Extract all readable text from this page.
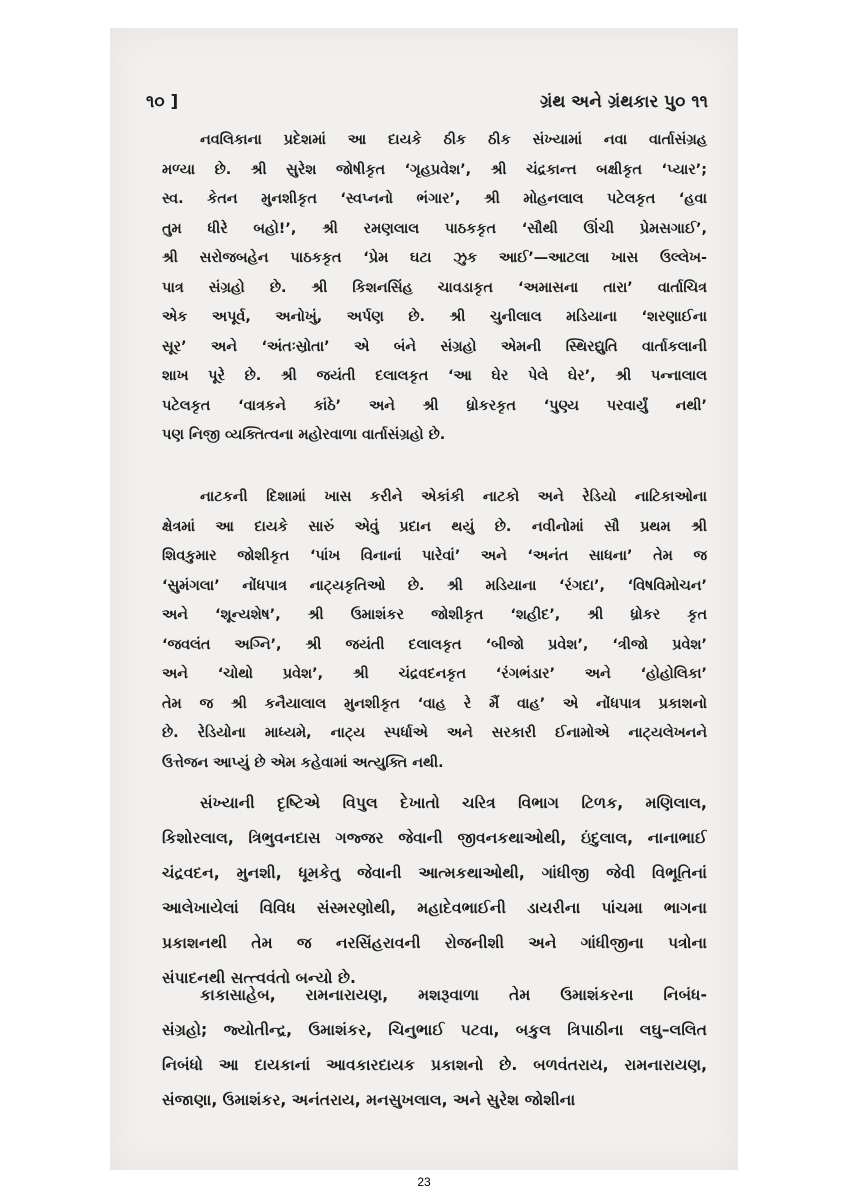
૧૦ ]	ગ્રંથ અને ગ્રંથકાર પુ૦ ૧૧

નવલિકાના પ્રદેશમાં આ દાયકે ઠીક ઠીક સંખ્યામાં નવા વાર્તાસંગ્રહ
મળ્યા છે. શ્રી સુરેશ જોષીકૃત ‘ગૃહપ્રવેશ’, શ્રી ચંદ્રકાન્ત બક્ષીકૃત ‘પ્યાર’;
સ્વ. કેતન મુનશીકૃત ‘સ્વપ્નનો ભંગાર’, શ્રી મોહનલાલ પટેલકૃત ‘હવા
તુમ ધીરે બહો!’, શ્રી રમણલાલ પાઠકકૃત ‘સૌથી ઊંચી પ્રેમસગાઈ’,
શ્રી સરોજબહેન પાઠકકૃત ‘પ્રેમ ઘટા ઝુક આઈ’—આટલા ખાસ ઉલ્લેખ-
પાત્ર સંગ્રહો છે. શ્રી કિશનસિંહ ચાવડાકૃત ‘અમાસના તારા’ વાર્તાચિત્ર
એક અપૂર્વ, અનોખું, અર્પણ છે. શ્રી ચુનીલાલ મડિયાના ‘શરણાઈના
સૂર’ અને ‘અંતઃસ્રોતા’ એ બંને સંગ્રહો એમની સ્થિરદ્યુતિ વાર્તાકલાની
શાખ પૂરે છે. શ્રી જયંતી દલાલકૃત ‘આ ઘેર પેલે ઘેર’, શ્રી પન્નાલાલ
પટેલકૃત ‘વાત્રકને કાંઠે’ અને શ્રી ધ્રોકરકૃત ‘પુણ્ય પરવાર્યું નથી’
પણ નિજી વ્યક્તિત્વના મહોરવાળા વાર્તાસંગ્રહો છે.

નાટકની દિશામાં ખાસ કરીને એકાંકી નાટકો અને રેડિયો નાટિકાઓના
ક્ષેત્રમાં આ દાયકે સારું એવું પ્રદાન થયું છે. નવીનોમાં સૌ પ્રથમ શ્રી
શિવકુમાર જોશીકૃત ‘પાંખ વિનાનાં પારેવાં’ અને ‘અનંત સાધના’ તેમ જ
‘સુમંગલા’ નોંધપાત્ર નાટ્યકૃતિઓ છે. શ્રી મડિયાના ‘રંગદા’, ‘વિષવિમોચન’
અને ‘શૂન્યશેષ’, શ્રી ઉમાશંકર જોશીકૃત ‘શહીદ’, શ્રી ધ્રોકર કૃત
‘જવલંત અગ્નિ’, શ્રી જયંતી દલાલકૃત ‘બીજો પ્રવેશ’, ‘ત્રીજો પ્રવેશ’
અને ‘ચોથો પ્રવેશ’, શ્રી ચંદ્રવદનકૃત ‘રંગભંડાર’ અને ‘હોહોલિકા’
તેમ જ શ્રી કનૈયાલાલ મુનશીકૃત ‘વાહ રે મૈં વાહ’ એ નોંધપાત્ર પ્રકાશનો
છે. રેડિયોના માધ્યમે, નાટ્ય સ્પર્ધાએ અને સરકારી ઈનામોએ નાટ્યલેખનને
ઉત્તેજન આપ્યું છે એમ કહેવામાં અત્યુક્તિ નથી.

સંખ્યાની દૃષ્ટિએ વિપુલ દેખાતો ચરિત્ર વિભાગ ટિળક, મણિલાલ,
કિશોરલાલ, ત્રિભુવનદાસ ગજ્જર જેવાની જીવનકથાઓથી, ઇંદુલાલ, નાનાભાઈ
ચંદ્રવદન, મુનશી, ધૂમકેતુ જેવાની આત્મકથાઓથી, ગાંધીજી જેવી વિભૂતિનાં
આલેખાયેલાં વિવિધ સંસ્મરણોથી, મહાદેવભાઈની ડાયરીના પાંચમા ભાગના
પ્રકાશનથી તેમ જ નરસિંહરાવની રોજનીશી અને ગાંધીજીના પત્રોના
સંપાદનથી સત્ત્વવંતો બન્યો છે.

કાકાસાહેબ, રામનારાયણ, મશરૂવાળા તેમ ઉમાશંકરના નિબંધ-
સંગ્રહો; જ્યોતીન્દ્ર, ઉમાશંકર, ચિનુભાઈ પટવા, બકુલ ત્રિપાઠીના લઘુ–લલિત
નિબંધો આ દાયકાનાં આવકારદાયક પ્રકાશનો છે. બળવંતરાય, રામનારાયણ,
સંજાણા, ઉમાશંકર, અનંતરાય, મનસુખલાલ, અને સુરેશ જોશીના

23
